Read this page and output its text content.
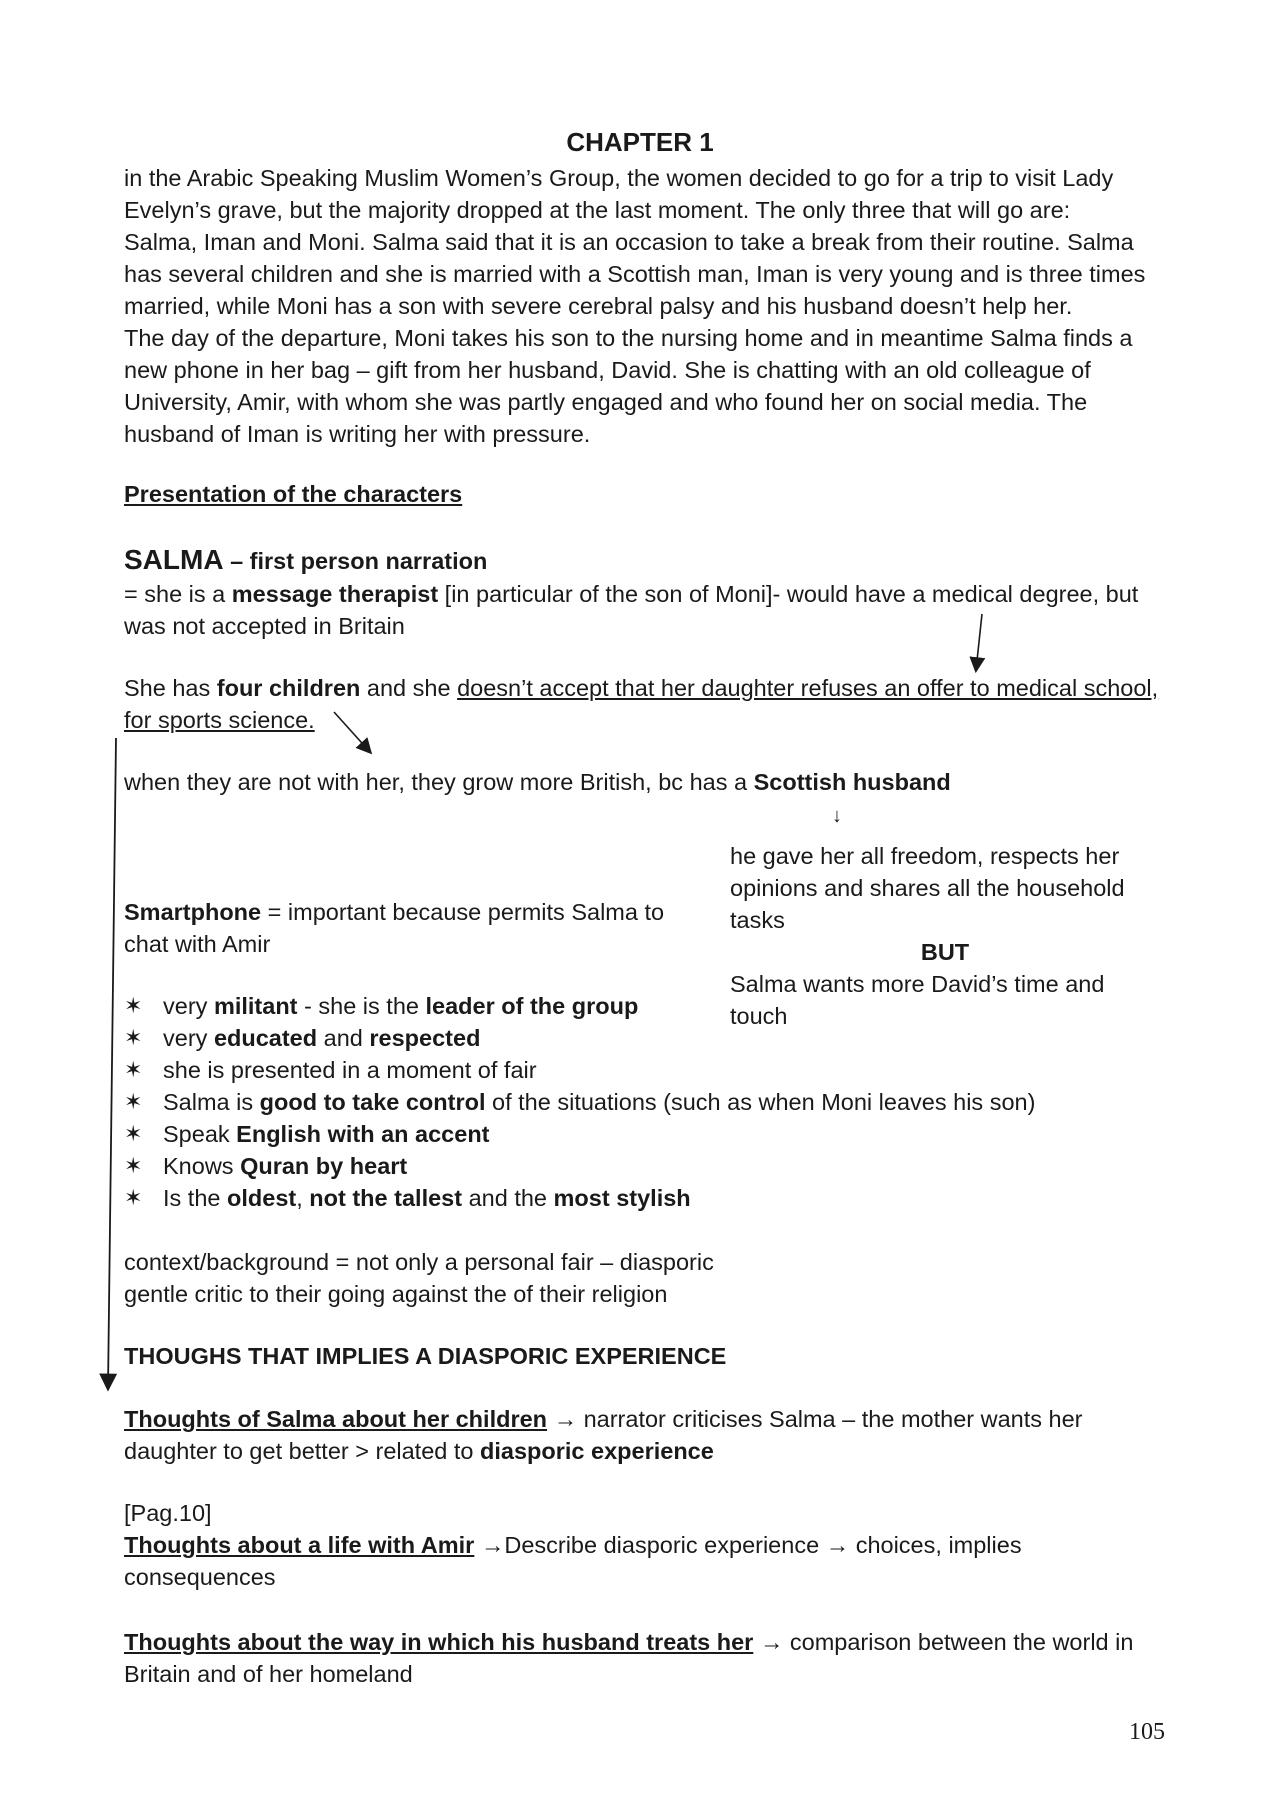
CHAPTER 1
in the Arabic Speaking Muslim Women’s Group, the women decided to go for a trip to visit Lady
Evelyn’s grave, but the majority dropped at the last moment. The only three that will go are:
Salma, Iman and Moni. Salma said that it is an occasion to take a break from their routine. Salma
has several children and she is married with a Scottish man, Iman is very young and is three times
married, while Moni has a son with severe cerebral palsy and his husband doesn’t help her.
The day of the departure, Moni takes his son to the nursing home and in meantime Salma finds a
new phone in her bag – gift from her husband, David. She is chatting with an old colleague of
University, Amir, with whom she was partly engaged and who found her on social media. The
husband of Iman is writing her with pressure.
Presentation of the characters
SALMA – first person narration
= she is a message therapist [in particular of the son of Moni]- would have a medical degree, but
was not accepted in Britain
She has four children and she doesn’t accept that her daughter refuses an offer to medical school,
for sports science.
when they are not with her, they grow more British, bc has a Scottish husband
↓
he gave her all freedom, respects her
opinions and shares all the household
tasks
BUT
Salma wants more David’s time and
touch
Smartphone = important because permits Salma to
chat with Amir
✶ very militant - she is the leader of the group
✶ very educated and respected
✶ she is presented in a moment of fair
✶ Salma is good to take control of the situations (such as when Moni leaves his son)
✶ Speak English with an accent
✶ Knows Quran by heart
✶ Is the oldest, not the tallest and the most stylish
context/background = not only a personal fair – diasporic
gentle critic to their going against the of their religion
THOUGHS THAT IMPLIES A DIASPORIC EXPERIENCE
Thoughts of Salma about her children → narrator criticises Salma – the mother wants her
daughter to get better > related to diasporic experience
[Pag.10]
Thoughts about a life with Amir →Describe diasporic experience → choices, implies
consequences
Thoughts about the way in which his husband treats her → comparison between the world in
Britain and of her homeland
105
